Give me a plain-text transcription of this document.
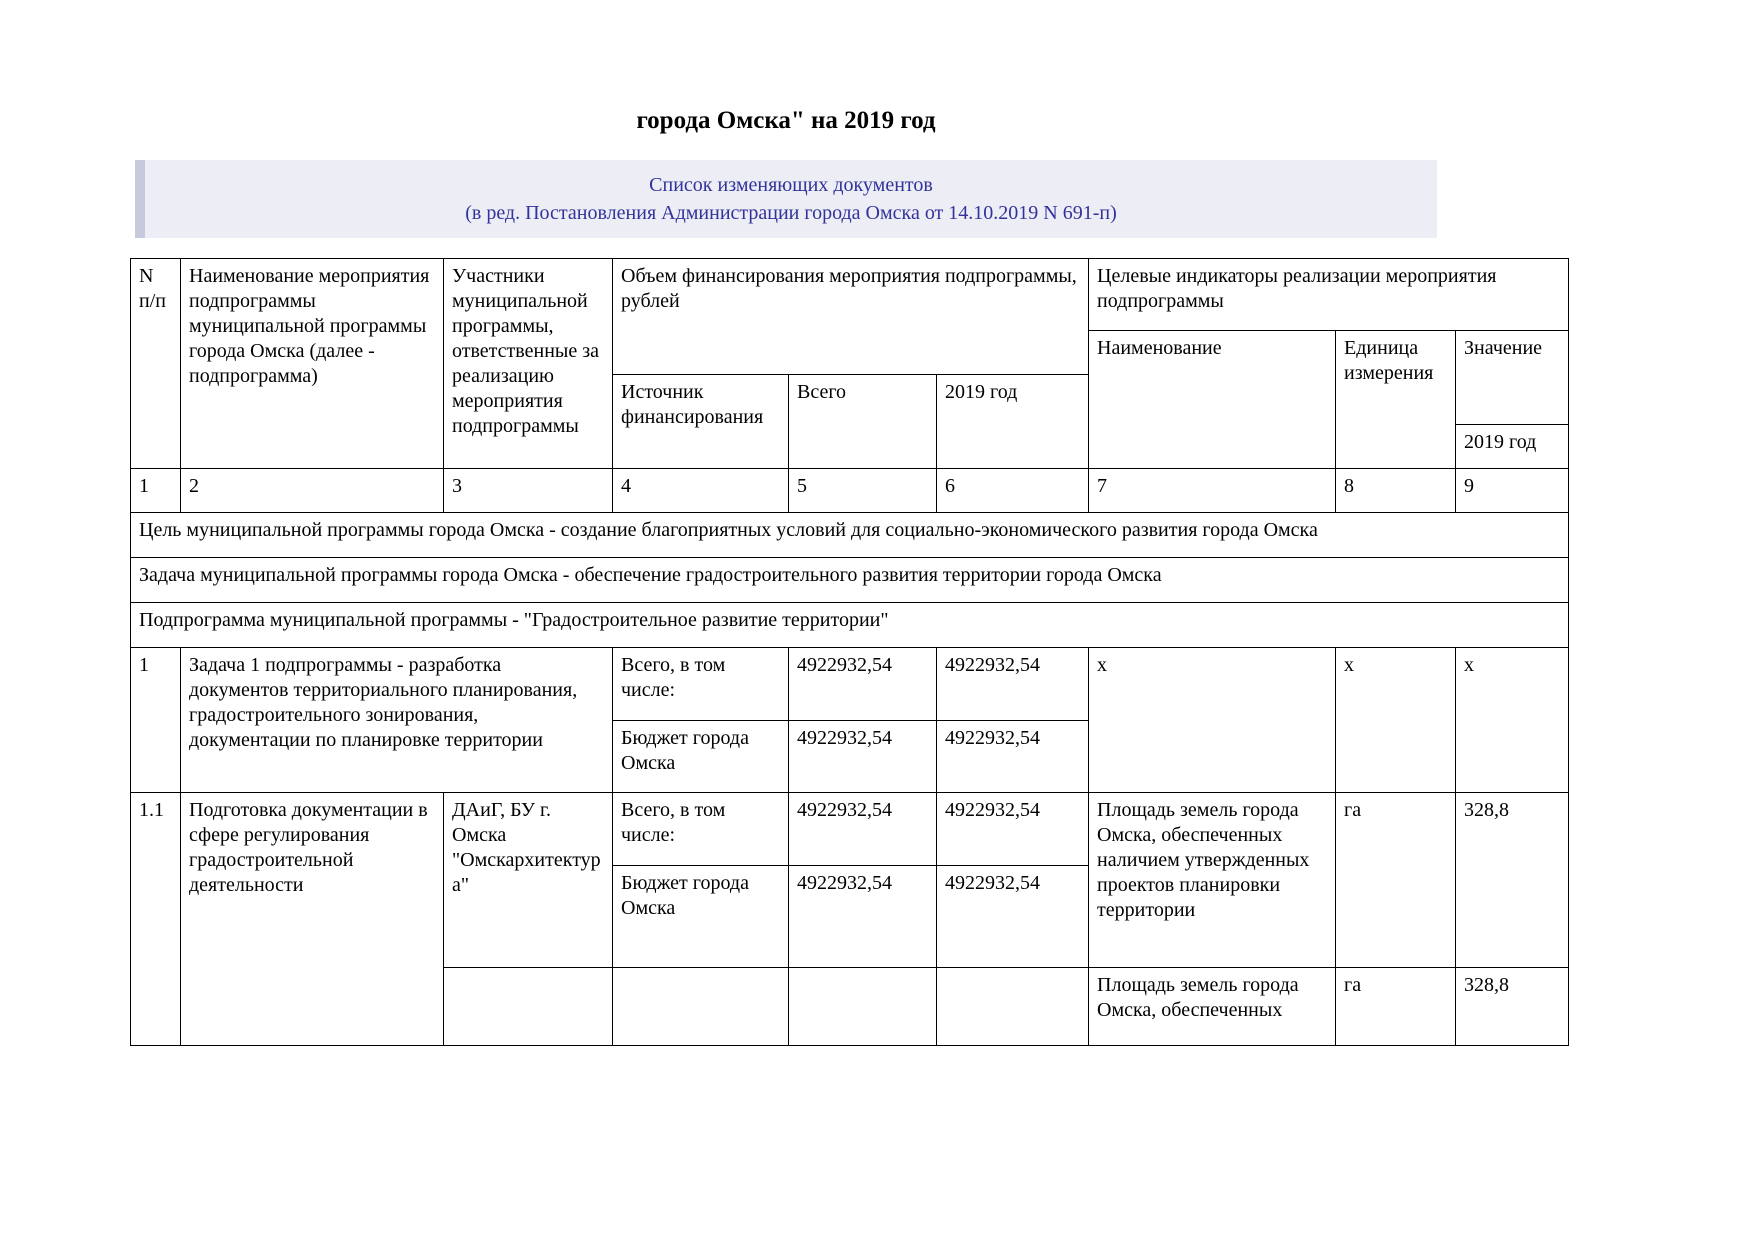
города Омска" на 2019 год
Список изменяющих документов
(в ред. Постановления Администрации города Омска от 14.10.2019 N 691-п)
N п/п	Наименование мероприятия подпрограммы муниципальной программы города Омска (далее - подпрограмма)	Участники муниципальной программы, ответственные за реализацию мероприятия подпрограммы	Объем финансирования мероприятия подпрограммы, рублей			Целевые индикаторы реализации мероприятия подпрограммы		
						Наименование	Единица измерения	Значение
			Источник финансирования	Всего	2019 год			
								2019 год
1	2	3	4	5	6	7	8	9
Цель муниципальной программы города Омска - создание благоприятных условий для социально-экономического развития города Омска								
Задача муниципальной программы города Омска - обеспечение градостроительного развития территории города Омска								
Подпрограмма муниципальной программы - "Градостроительное развитие территории"								
1	Задача 1 подпрограммы - разработка документов территориального планирования, градостроительного зонирования, документации по планировке территории		Всего, в том числе:	4922932,54	4922932,54	х	х	х
			Бюджет города Омска	4922932,54	4922932,54			
1.1	Подготовка документации в сфере регулирования градостроительной деятельности	ДАиГ, БУ г. Омска "Омскархитектура"	Всего, в том числе:	4922932,54	4922932,54	Площадь земель города Омска, обеспеченных наличием утвержденных проектов планировки территории	га	328,8
			Бюджет города Омска	4922932,54	4922932,54			
						Площадь земель города Омска, обеспеченных	га	328,8
